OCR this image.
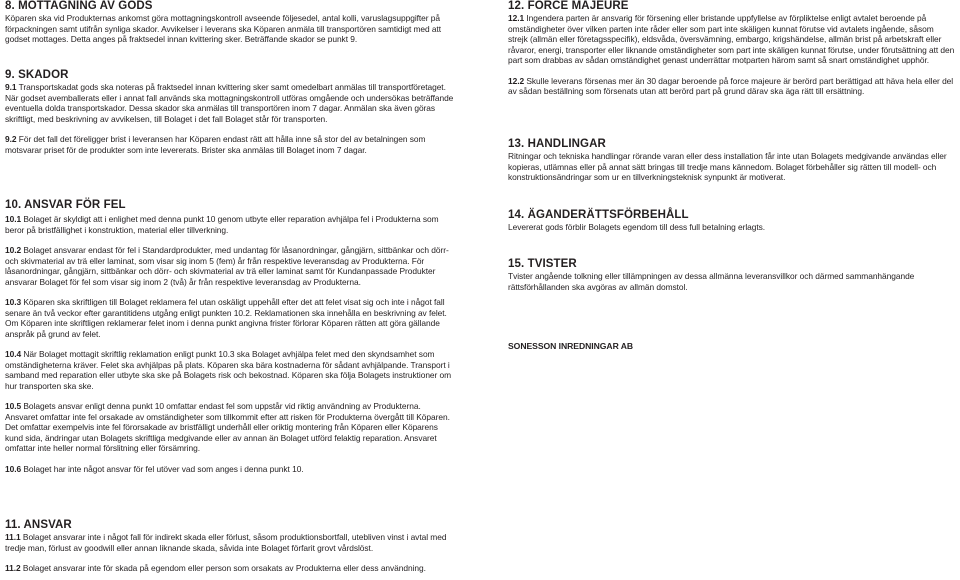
8. MOTTAGNING AV GODS

Köparen ska vid Produkternas ankomst göra mottagningskontroll avseende följesedel, antal kolli, varuslagsuppgifter på förpackningen samt utifrån synliga skador. Avvikelser i leverans ska Köparen anmäla till transportören samtidigt med att godset mottages. Detta anges på fraktsedel innan kvittering sker. Beträffande skador se punkt 9.

9. SKADOR

9.1 Transportskadat gods ska noteras på fraktsedel innan kvittering sker samt omedelbart anmälas till transportföretaget. När godset avemballerats eller i annat fall används ska mottagningskontroll utföras omgående och undersökas beträffande eventuella dolda transportskador. Dessa skador ska anmälas till transportören inom 7 dagar. Anmälan ska även göras skriftligt, med beskrivning av avvikelsen, till Bolaget i det fall Bolaget står för transporten.

9.2 För det fall det föreligger brist i leveransen har Köparen endast rätt att hålla inne så stor del av betalningen som motsvarar priset för de produkter som inte levererats. Brister ska anmälas till Bolaget inom 7 dagar.

10. ANSVAR FÖR FEL

10.1 Bolaget är skyldigt att i enlighet med denna punkt 10 genom utbyte eller reparation avhjälpa fel i Produkterna som beror på bristfällighet i konstruktion, material eller tillverkning.

10.2 Bolaget ansvarar endast för fel i Standardprodukter, med undantag för låsanordningar, gångjärn, sittbänkar och dörr- och skivmaterial av trä eller laminat, som visar sig inom 5 (fem) år från respektive leveransdag av Produkterna. För låsanordningar, gångjärn, sittbänkar och dörr- och skivmaterial av trä eller laminat samt för Kundanpassade Produkter ansvarar Bolaget för fel som visar sig inom 2 (två) år från respektive leveransdag av Produkterna.

10.3 Köparen ska skriftligen till Bolaget reklamera fel utan oskäligt uppehåll efter det att felet visat sig och inte i något fall senare än två veckor efter garantitidens utgång enligt punkten 10.2. Reklamationen ska innehålla en beskrivning av felet. Om Köparen inte skriftligen reklamerar felet inom i denna punkt angivna frister förlorar Köparen rätten att göra gällande anspråk på grund av felet.

10.4 När Bolaget mottagit skriftlig reklamation enligt punkt 10.3 ska Bolaget avhjälpa felet med den skyndsamhet som omständigheterna kräver. Felet ska avhjälpas på plats. Köparen ska bära kostnaderna för sådant avhjälpande. Transport i samband med reparation eller utbyte ska ske på Bolagets risk och bekostnad. Köparen ska följa Bolagets instruktioner om hur transporten ska ske.

10.5 Bolagets ansvar enligt denna punkt 10 omfattar endast fel som uppstår vid riktig användning av Produkterna. Ansvaret omfattar inte fel orsakade av omständigheter som tillkommit efter att risken för Produkterna övergått till Köparen. Det omfattar exempelvis inte fel förorsakade av bristfälligt underhåll eller oriktig montering från Köparen eller Köparens kund sida, ändringar utan Bolagets skriftliga medgivande eller av annan än Bolaget utförd felaktig reparation. Ansvaret omfattar inte heller normal förslitning eller försämring.

10.6 Bolaget har inte något ansvar för fel utöver vad som anges i denna punkt 10.

11. ANSVAR

11.1 Bolaget ansvarar inte i något fall för indirekt skada eller förlust, såsom produktionsbortfall, utebliven vinst i avtal med tredje man, förlust av goodwill eller annan liknande skada, såvida inte Bolaget förfarit grovt vårdslöst.

11.2 Bolaget ansvarar inte för skada på egendom eller person som orsakats av Produkterna eller dess användning.

12. FORCE MAJEURE

12.1 Ingendera parten är ansvarig för försening eller bristande uppfyllelse av förpliktelse enligt avtalet beroende på omständigheter över vilken parten inte råder eller som part inte skäligen kunnat förutse vid avtalets ingående, såsom strejk (allmän eller företagsspecifik), eldsvåda, översvämning, embargo, krigshändelse, allmän brist på arbetskraft eller råvaror, energi, transporter eller liknande omständigheter som part inte skäligen kunnat förutse, under förutsättning att den part som drabbas av sådan omständighet genast underrättar motparten härom samt så snart omständighet upphör.

12.2 Skulle leverans försenas mer än 30 dagar beroende på force majeure är berörd part berättigad att häva hela eller del av sådan beställning som försenats utan att berörd part på grund därav ska äga rätt till ersättning.

13. HANDLINGAR

Ritningar och tekniska handlingar rörande varan eller dess installation får inte utan Bolagets medgivande användas eller kopieras, utlämnas eller på annat sätt bringas till tredje mans kännedom. Bolaget förbehåller sig rätten till modell- och konstruktionsändringar som ur en tillverkningsteknisk synpunkt är motiverat.

14. ÄGANDERÄTTSFÖRBEHÅLL

Levererat gods förblir Bolagets egendom till dess full betalning erlagts.

15. TVISTER

Tvister angående tolkning eller tillämpningen av dessa allmänna leveransvillkor och därmed sammanhängande rättsförhållanden ska avgöras av allmän domstol.

SONESSON INREDNINGAR AB
